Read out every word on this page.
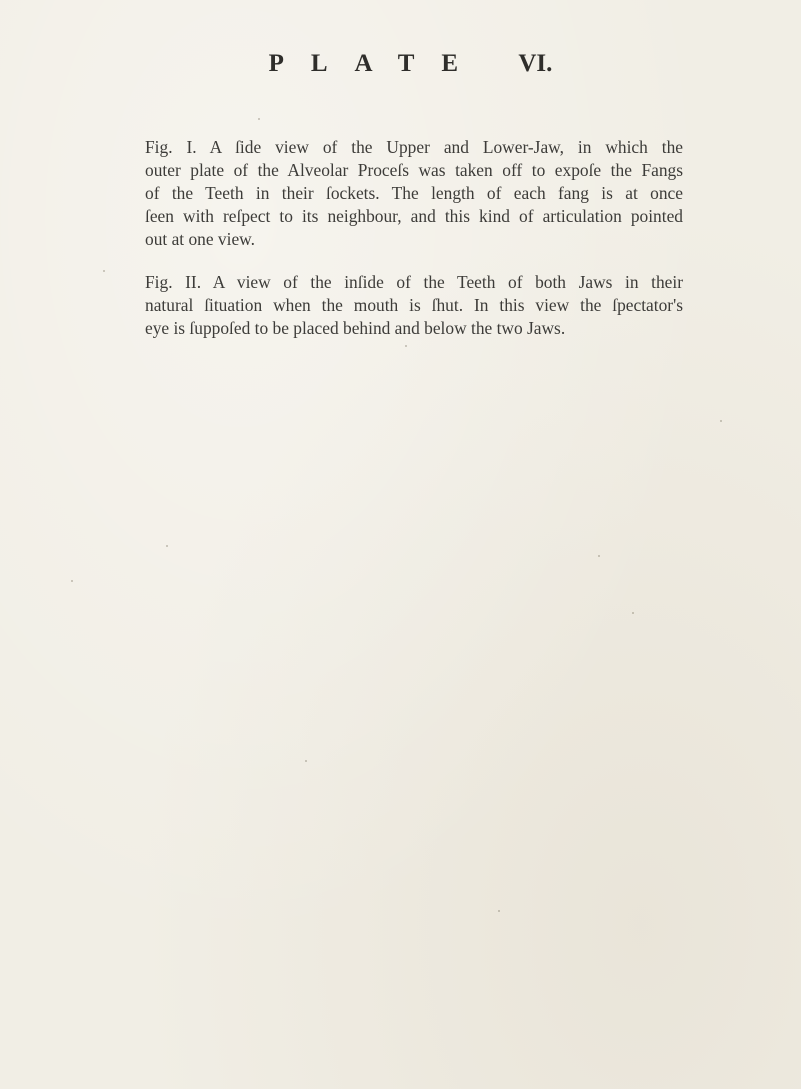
PLATE VI.

Fig. I. A ſide view of the Upper and Lower-Jaw, in which the
outer plate of the Alveolar Proceſs was taken off to expoſe the Fangs
of the Teeth in their ſockets. The length of each fang is at once
ſeen with reſpect to its neighbour, and this kind of articulation pointed
out at one view.

Fig. II. A view of the inſide of the Teeth of both Jaws in their
natural ſituation when the mouth is ſhut. In this view the ſpectator's
eye is ſuppoſed to be placed behind and below the two Jaws.
